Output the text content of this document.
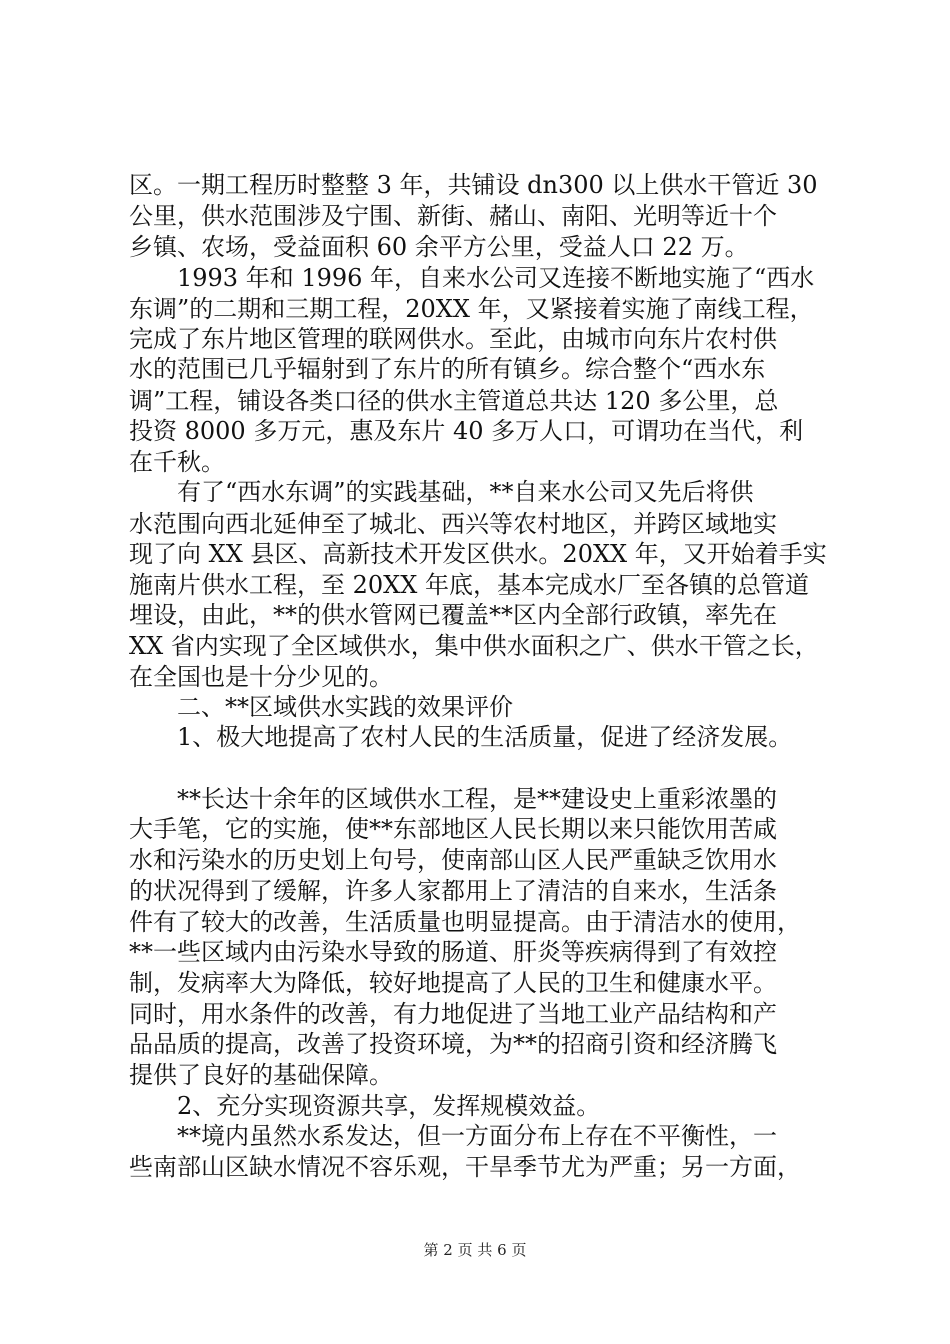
区。一期工程历时整整 3 年，共铺设 dn300 以上供水干管近 30
公里，供水范围涉及宁围、新街、赭山、南阳、光明等近十个
乡镇、农场，受益面积 60 余平方公里，受益人口 22 万。
　　1993 年和 1996 年，自来水公司又连接不断地实施了“西水
东调”的二期和三期工程，20XX 年，又紧接着实施了南线工程，
完成了东片地区管理的联网供水。至此，由城市向东片农村供
水的范围已几乎辐射到了东片的所有镇乡。综合整个“西水东
调”工程，铺设各类口径的供水主管道总共达 120 多公里，总
投资 8000 多万元，惠及东片 40 多万人口，可谓功在当代，利
在千秋。
　　有了“西水东调”的实践基础，**自来水公司又先后将供
水范围向西北延伸至了城北、西兴等农村地区，并跨区域地实
现了向 XX 县区、高新技术开发区供水。20XX 年，又开始着手实
施南片供水工程，至 20XX 年底，基本完成水厂至各镇的总管道
埋设，由此，**的供水管网已覆盖**区内全部行政镇，率先在
XX 省内实现了全区域供水，集中供水面积之广、供水干管之长，
在全国也是十分少见的。
　　二、**区域供水实践的效果评价
　　1、极大地提高了农村人民的生活质量，促进了经济发展。
　　**长达十余年的区域供水工程，是**建设史上重彩浓墨的
大手笔，它的实施，使**东部地区人民长期以来只能饮用苦咸
水和污染水的历史划上句号，使南部山区人民严重缺乏饮用水
的状况得到了缓解，许多人家都用上了清洁的自来水，生活条
件有了较大的改善，生活质量也明显提高。由于清洁水的使用，
**一些区域内由污染水导致的肠道、肝炎等疾病得到了有效控
制，发病率大为降低，较好地提高了人民的卫生和健康水平。
同时，用水条件的改善，有力地促进了当地工业产品结构和产
品品质的提高，改善了投资环境，为**的招商引资和经济腾飞
提供了良好的基础保障。
　　2、充分实现资源共享，发挥规模效益。
　　**境内虽然水系发达，但一方面分布上存在不平衡性，一
些南部山区缺水情况不容乐观，干旱季节尤为严重；另一方面，
第 2 页 共 6 页
